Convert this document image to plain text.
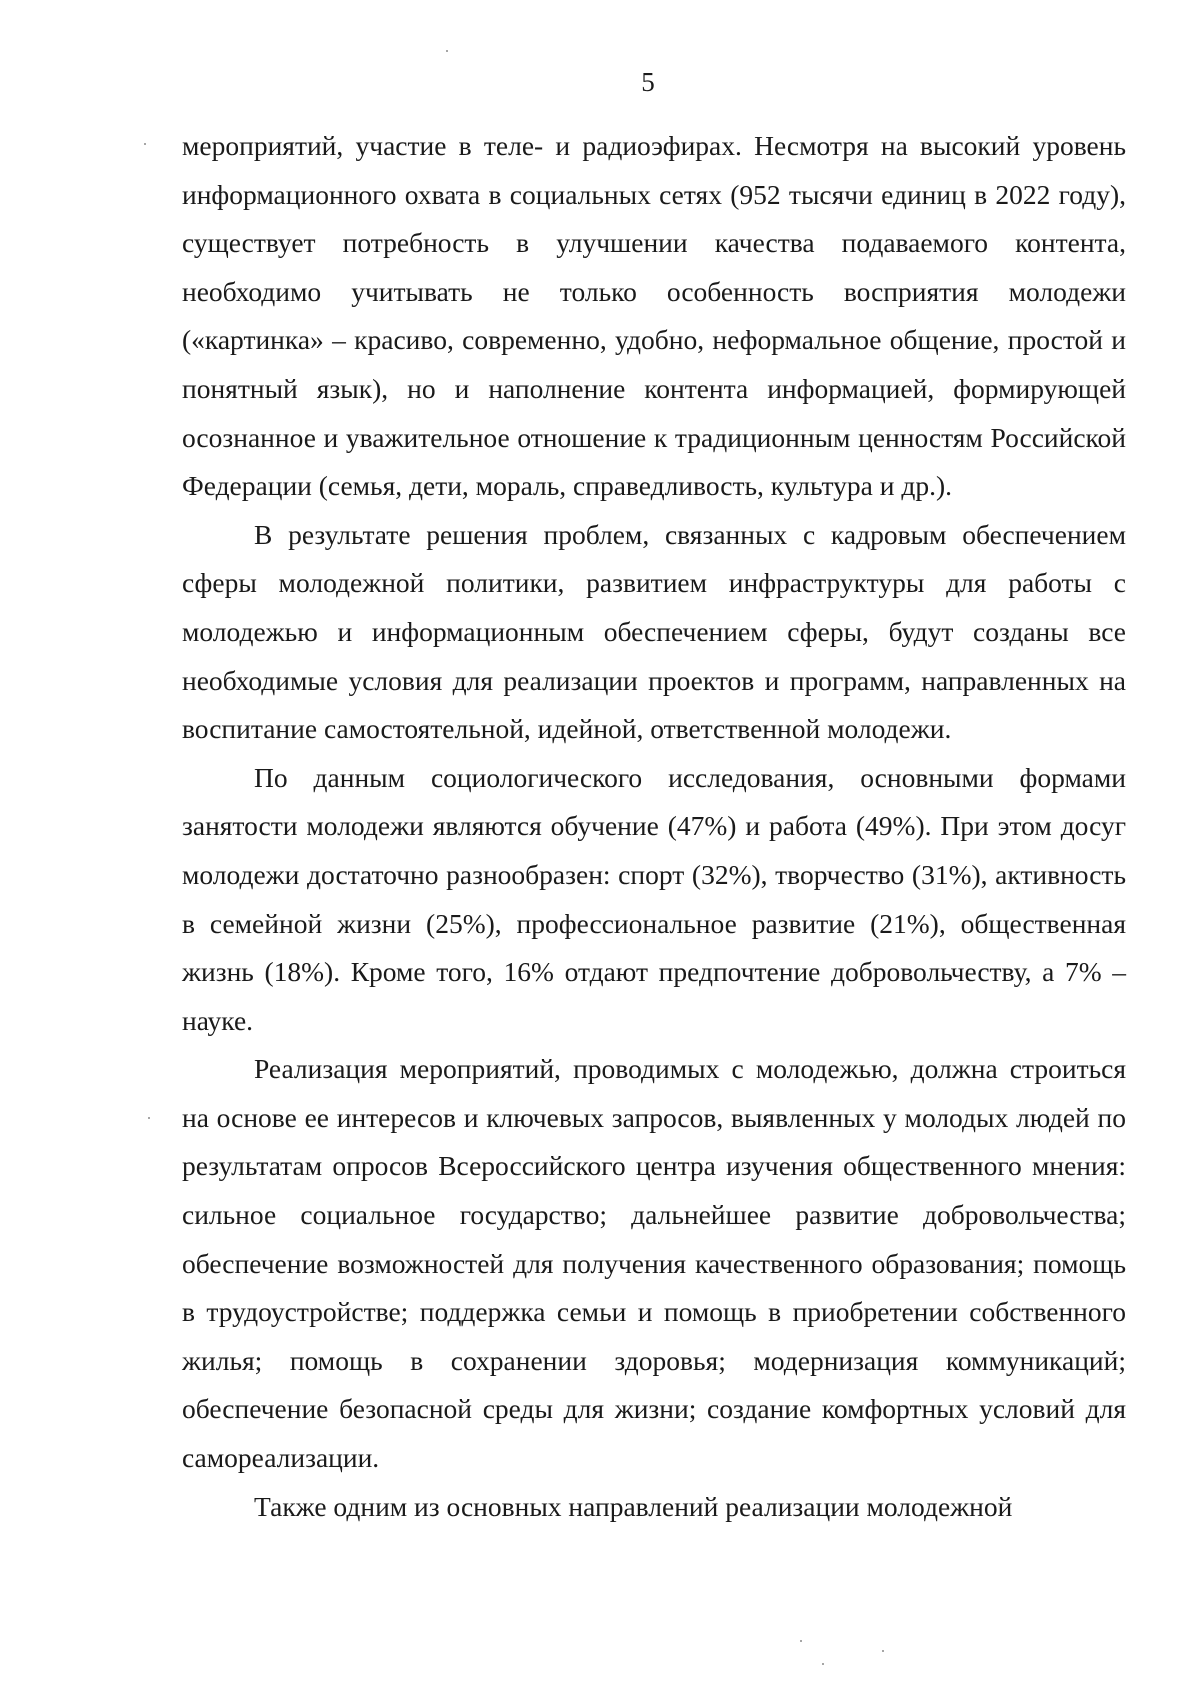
5

мероприятий, участие в теле- и радиоэфирах. Несмотря на высокий уровень информационного охвата в социальных сетях (952 тысячи единиц в 2022 году), существует потребность в улучшении качества подаваемого контента, необходимо учитывать не только особенность восприятия молодежи («картинка» – красиво, современно, удобно, неформальное общение, простой и понятный язык), но и наполнение контента информацией, формирующей осознанное и уважительное отношение к традиционным ценностям Российской Федерации (семья, дети, мораль, справедливость, культура и др.).

В результате решения проблем, связанных с кадровым обеспечением сферы молодежной политики, развитием инфраструктуры для работы с молодежью и информационным обеспечением сферы, будут созданы все необходимые условия для реализации проектов и программ, направленных на воспитание самостоятельной, идейной, ответственной молодежи.

По данным социологического исследования, основными формами занятости молодежи являются обучение (47%) и работа (49%). При этом досуг молодежи достаточно разнообразен: спорт (32%), творчество (31%), активность в семейной жизни (25%), профессиональное развитие (21%), общественная жизнь (18%). Кроме того, 16% отдают предпочтение добровольчеству, а 7% – науке.

Реализация мероприятий, проводимых с молодежью, должна строиться на основе ее интересов и ключевых запросов, выявленных у молодых людей по результатам опросов Всероссийского центра изучения общественного мнения: сильное социальное государство; дальнейшее развитие добровольчества; обеспечение возможностей для получения качественного образования; помощь в трудоустройстве; поддержка семьи и помощь в приобретении собственного жилья; помощь в сохранении здоровья; модернизация коммуникаций; обеспечение безопасной среды для жизни; создание комфортных условий для самореализации.

Также одним из основных направлений реализации молодежной
